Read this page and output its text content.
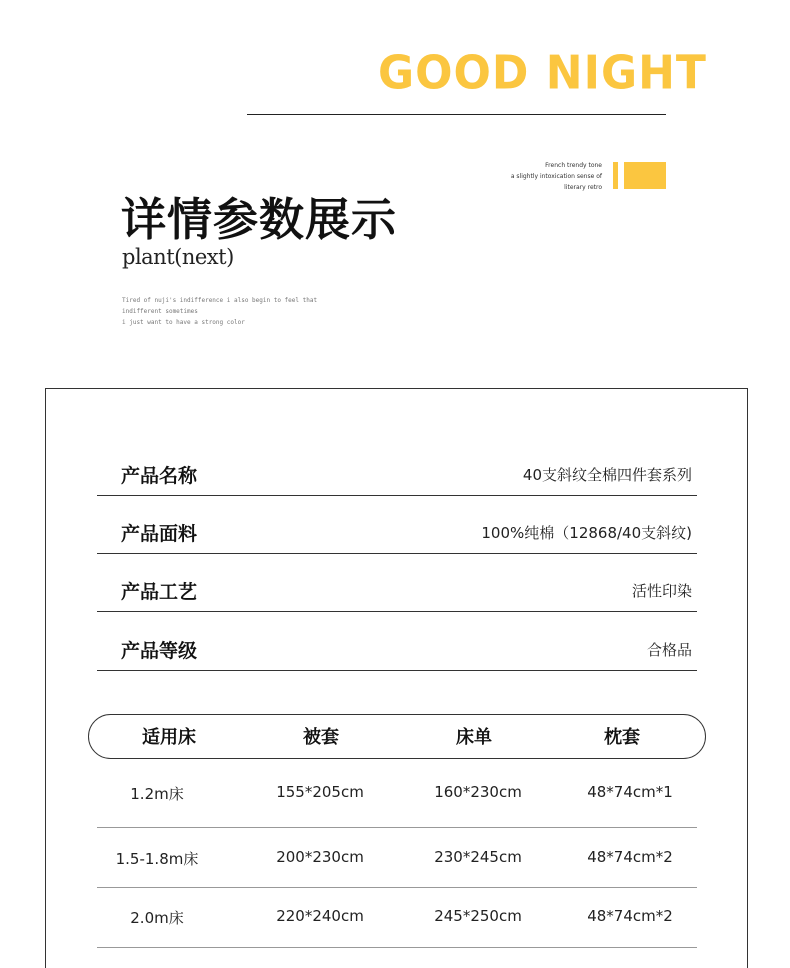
GOOD NIGHT
French trendy tone
a slightly intoxication sense of
literary retro
详情参数展示
plant(next)
Tired of nuji's indifference i also begin to feel that
indifferent sometimes
i just want to have a strong color
产品名称	40支斜纹全棉四件套系列
产品面料	100%纯棉（12868/40支斜纹)
产品工艺	活性印染
产品等级	合格品
适用床	被套	床单	枕套
1.2m床	155*205cm	160*230cm	48*74cm*1
1.5-1.8m床	200*230cm	230*245cm	48*74cm*2
2.0m床	220*240cm	245*250cm	48*74cm*2
